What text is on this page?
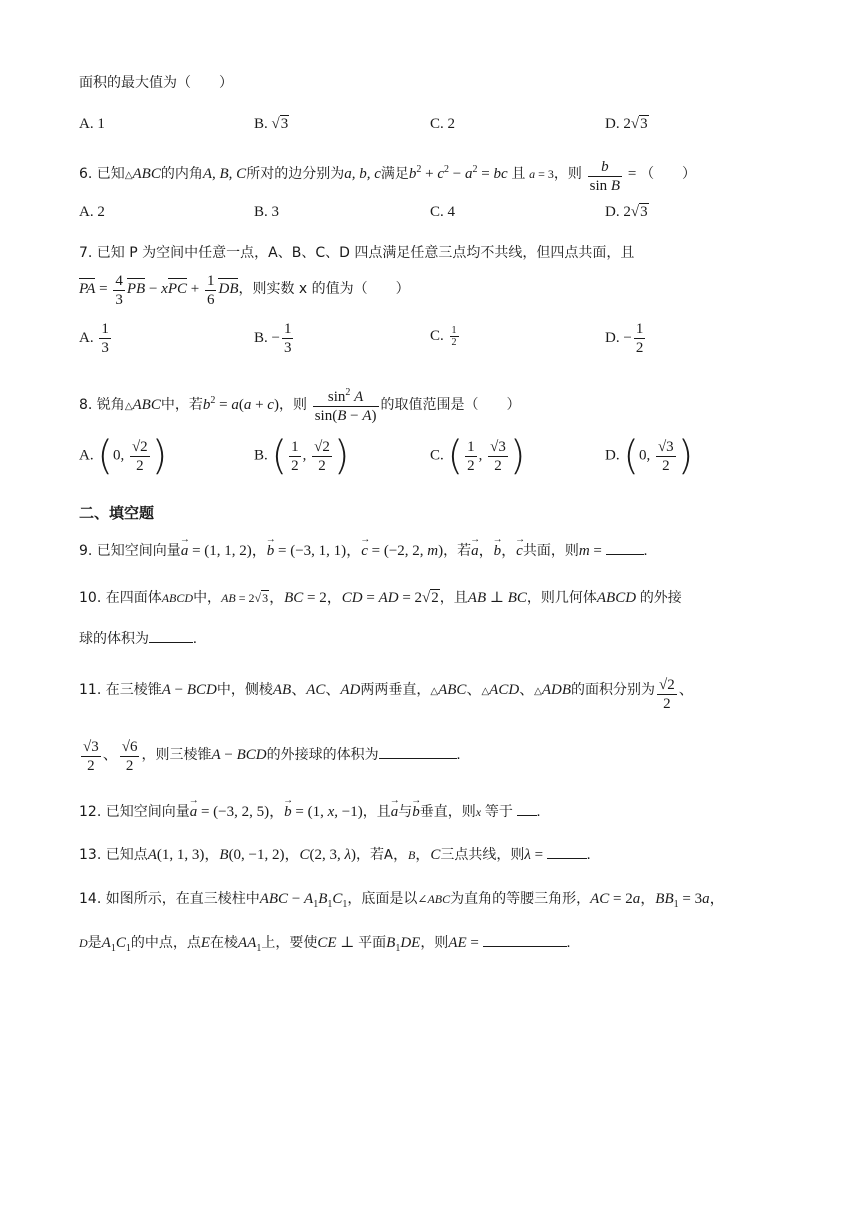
面积的最大值为（　　）
A. 1	B. √3	C. 2	D. 2√3
6. 已知△ABC的内角A, B, C所对的边分别为a, b, c满足$b^2 + c^2 - a^2$ = bc 且 a = 3，则 $\frac{b}{\text{sin B}}$ = （　　）
A. 2	B. 3	C. 4	D. 2√3
7. 已知 P 为空间中任意一点，A、B、C、D 四点满足任意三点均不共线，但四点共面，且
PA = $\frac{4}{3}$ PB − xPC + $\frac{1}{6}$ DB，则实数 x 的值为（　　）
A. $\frac{1}{3}$	B. − $\frac{1}{3}$	C. $\frac{1}{2}$	D. − $\frac{1}{2}$
8. 锐角△ABC中，若$b^2 = a(a + c)$，则 $\frac{\sin^2 A}{\sin(B - A)}$ 的取值范围是（　　）
A. (0, $\frac{√2}{2}$ )	B. ( $\frac{1}{2}$ , $\frac{√2}{2}$ )	C. ( $\frac{1}{2}$ , $\frac{√3}{2}$ )	D. (0, $\frac{√3}{2}$ )
二、填空题
9. 已知空间向量→ a = (1, 1, 2)，→ b = (−3, 1, 1)，→ c = (−2, 2, m)，若→ a，→ b，→ c共面，则m =	.
10. 在四面体ABCD中，AB = 2√3，BC = 2，CD = AD = 2√2，且AB ⊥ BC，则几何体ABCD 的外接
球的体积为	.
11. 在三棱锥A − BCD中，侧棱AB、AC、AD两两垂直，△ABC、△ACD、△ADB的面积分别为 $\frac{√2}{2}$ 、
$\frac{√3}{2}$ 、 $\frac{√6}{2}$ ，则三棱锥A − BCD的外接球的体积为	.
12. 已知空间向量→ a = (−3, 2, 5)，→ b = (1, x, −1)，且→ a与→ b垂直，则x 等于 .
13. 已知点A(1, 1, 3)，B(0, −1, 2)，C(2, 3, λ)，若A，B，C三点共线，则λ =	.
14. 如图所示，在直三棱柱中ABC − $A_1B_1C_1$，底面是以∠ABC为直角的等腰三角形，AC = 2a，$BB_1 = 3a$，
D是$A_1C_1$的中点，点E在棱$AA_1$上，要使CE ⊥ 平面$B_1DE$，则AE =	.
